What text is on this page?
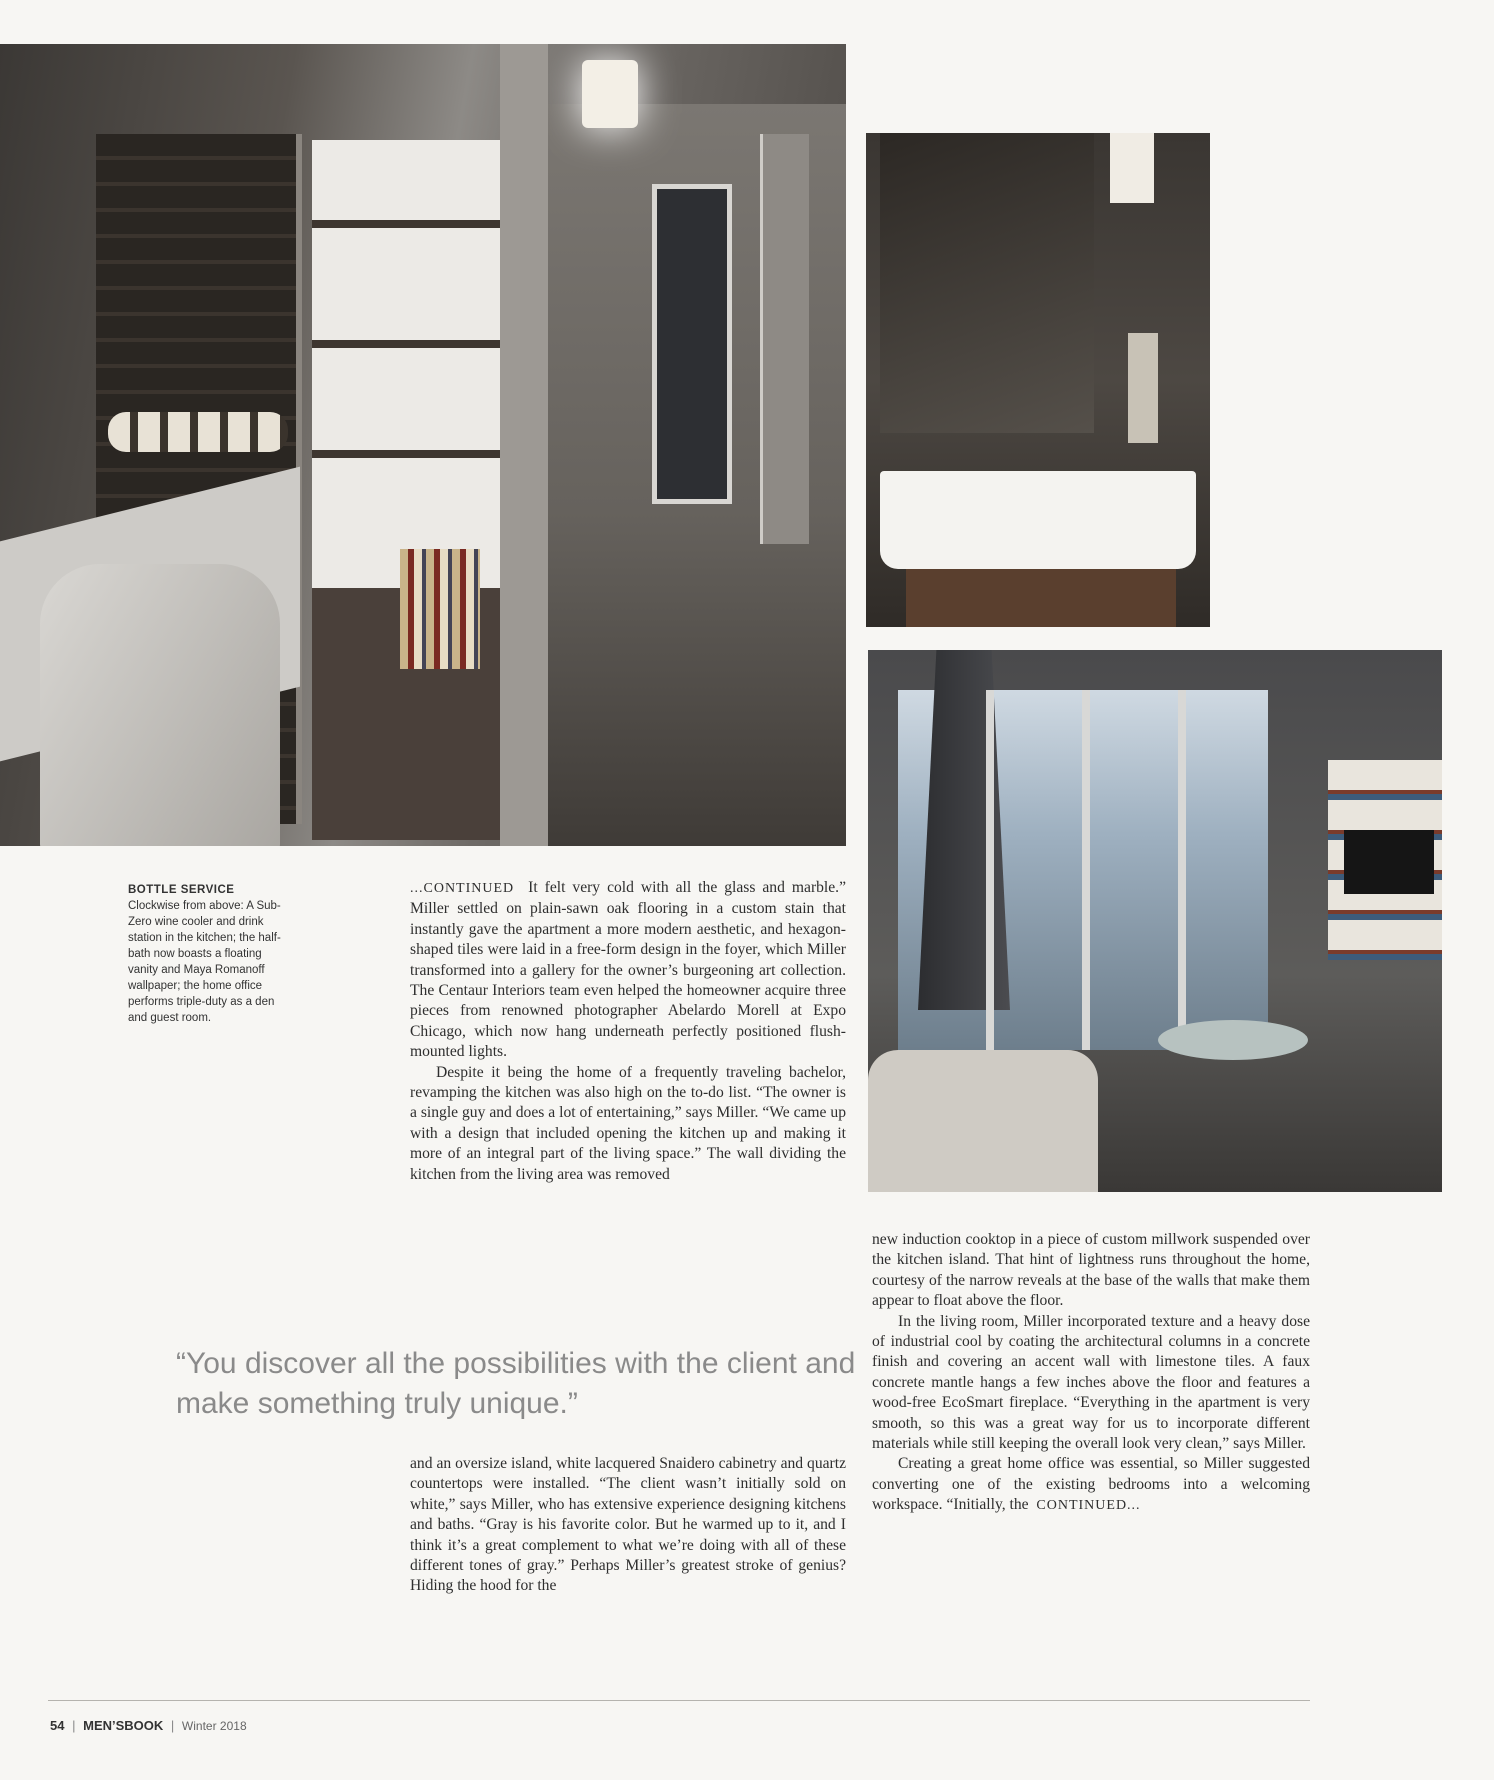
BOTTLE SERVICE
Clockwise from above: A Sub-Zero wine cooler and drink station in the kitchen; the half-bath now boasts a floating vanity and Maya Romanoff wallpaper; the home office performs triple-duty as a den and guest room.

...CONTINUED It felt very cold with all the glass and marble.” Miller settled on plain-sawn oak flooring in a custom stain that instantly gave the apartment a more modern aesthetic, and hexagon-shaped tiles were laid in a free-form design in the foyer, which Miller transformed into a gallery for the owner’s burgeoning art collection. The Centaur Interiors team even helped the homeowner acquire three pieces from renowned photographer Abelardo Morell at Expo Chicago, which now hang underneath perfectly positioned flush-mounted lights.

Despite it being the home of a frequently traveling bachelor, revamping the kitchen was also high on the to-do list. “The owner is a single guy and does a lot of entertaining,” says Miller. “We came up with a design that included opening the kitchen up and making it more of an integral part of the living space.” The wall dividing the kitchen from the living area was removed

“You discover all the possibilities with the client and make something truly unique.”

and an oversize island, white lacquered Snaidero cabinetry and quartz countertops were installed. “The client wasn’t initially sold on white,” says Miller, who has extensive experience designing kitchens and baths. “Gray is his favorite color. But he warmed up to it, and I think it’s a great complement to what we’re doing with all of these different tones of gray.” Perhaps Miller’s greatest stroke of genius? Hiding the hood for the

new induction cooktop in a piece of custom millwork suspended over the kitchen island. That hint of lightness runs throughout the home, courtesy of the narrow reveals at the base of the walls that make them appear to float above the floor.

In the living room, Miller incorporated texture and a heavy dose of industrial cool by coating the architectural columns in a concrete finish and covering an accent wall with limestone tiles. A faux concrete mantle hangs a few inches above the floor and features a wood-free EcoSmart fireplace. “Everything in the apartment is very smooth, so this was a great way for us to incorporate different materials while still keeping the overall look very clean,” says Miller.

Creating a great home office was essential, so Miller suggested converting one of the existing bedrooms into a welcoming workspace. “Initially, the CONTINUED...

54 | MEN’SBOOK | Winter 2018
